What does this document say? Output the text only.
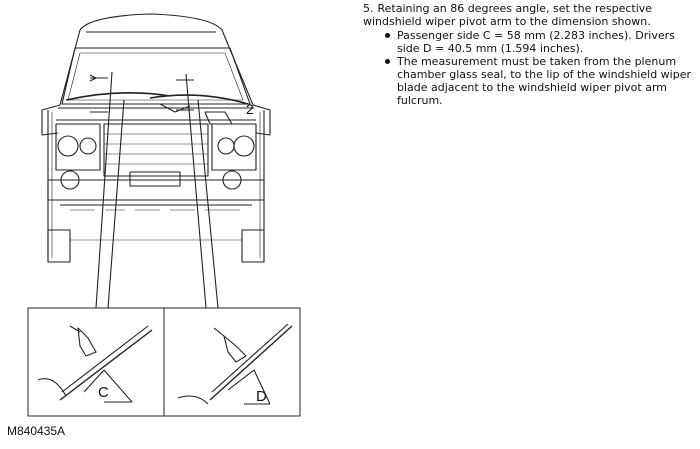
C	D
2
M840435A

5. Retaining an 86 degrees angle, set the respective windshield wiper pivot arm to the dimension shown.

Passenger side C = 58 mm (2.283 inches). Drivers side D = 40.5 mm (1.594 inches).
The measurement must be taken from the plenum chamber glass seal, to the lip of the windshield wiper blade adjacent to the windshield wiper pivot arm fulcrum.
